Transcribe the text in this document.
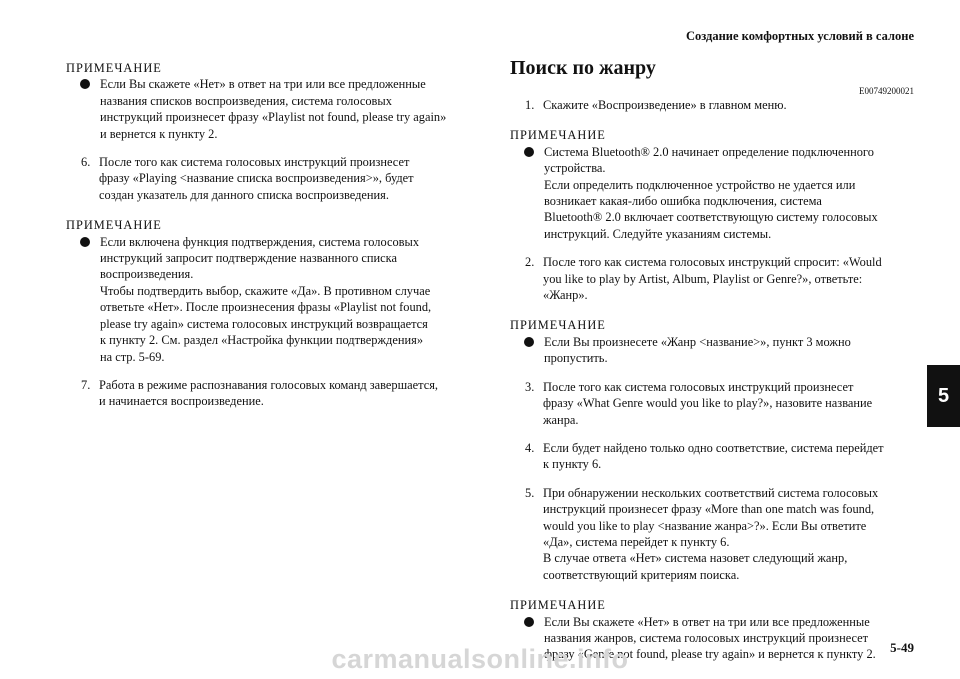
Создание комфортных условий в салоне
ПРИМЕЧАНИЕ
Если Вы скажете «Нет» в ответ на три или все предложенные
названия списков воспроизведения, система голосовых
инструкций произнесет фразу «Playlist not found, please try again»
и вернется к пункту 2.
6. После того как система голосовых инструкций произнесет
фразу «Playing <название списка воспроизведения>», будет
создан указатель для данного списка воспроизведения.
ПРИМЕЧАНИЕ
Если включена функция подтверждения, система голосовых
инструкций запросит подтверждение названного списка
воспроизведения.
Чтобы подтвердить выбор, скажите «Да». В противном случае
ответьте «Нет». После произнесения фразы «Playlist not found,
please try again» система голосовых инструкций возвращается
к пункту 2. См. раздел «Настройка функции подтверждения»
на стр. 5-69.
7. Работа в режиме распознавания голосовых команд завершается,
и начинается воспроизведение.
Поиск по жанру
E00749200021
1. Скажите «Воспроизведение» в главном меню.
ПРИМЕЧАНИЕ
Система Bluetooth® 2.0 начинает определение подключенного
устройства.
Если определить подключенное устройство не удается или
возникает какая-либо ошибка подключения, система
Bluetooth® 2.0 включает соответствующую систему голосовых
инструкций. Следуйте указаниям системы.
2. После того как система голосовых инструкций спросит: «Would
you like to play by Artist, Album, Playlist or Genre?», ответьте:
«Жанр».
ПРИМЕЧАНИЕ
Если Вы произнесете «Жанр <название>», пункт 3 можно
пропустить.
3. После того как система голосовых инструкций произнесет
фразу «What Genre would you like to play?», назовите название
жанра.
4. Если будет найдено только одно соответствие, система перейдет
к пункту 6.
5. При обнаружении нескольких соответствий система голосовых
инструкций произнесет фразу «More than one match was found,
would you like to play <название жанра>?». Если Вы ответите
«Да», система перейдет к пункту 6.
В случае ответа «Нет» система назовет следующий жанр,
соответствующий критериям поиска.
ПРИМЕЧАНИЕ
Если Вы скажете «Нет» в ответ на три или все предложенные
названия жанров, система голосовых инструкций произнесет
фразу «Genre not found, please try again» и вернется к пункту 2.
5
5-49
carmanualsonline.info
